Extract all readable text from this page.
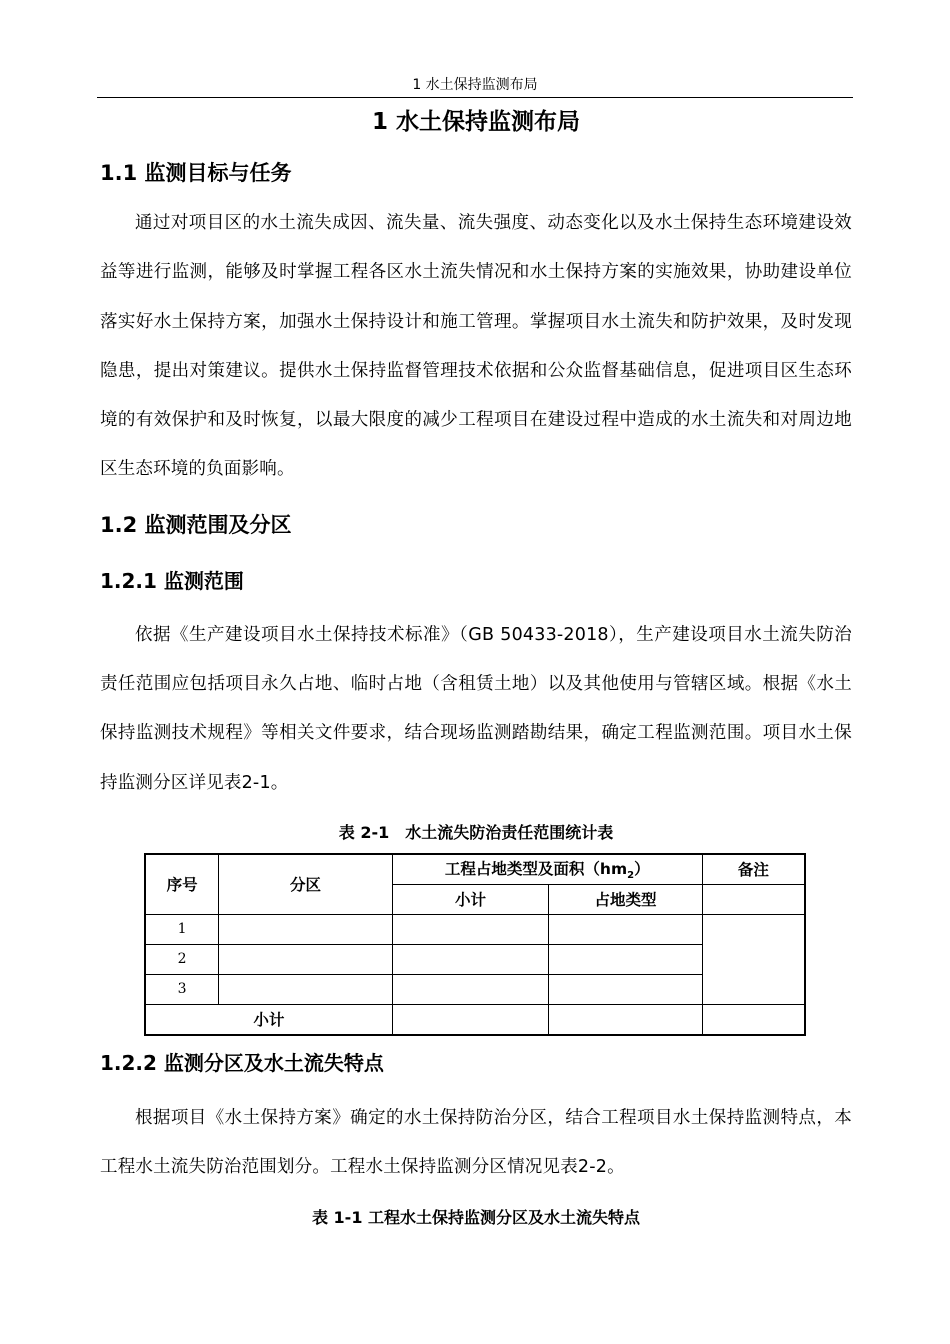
1 水土保持监测布局
1 水土保持监测布局
1.1 监测目标与任务

通过对项目区的水土流失成因、流失量、流失强度、动态变化以及水土保持生态环境建设效益等进行监测，能够及时掌握工程各区水土流失情况和水土保持方案的实施效果，协助建设单位落实好水土保持方案，加强水土保持设计和施工管理。掌握项目水土流失和防护效果，及时发现隐患，提出对策建议。提供水土保持监督管理技术依据和公众监督基础信息，促进项目区生态环境的有效保护和及时恢复，以最大限度的减少工程项目在建设过程中造成的水土流失和对周边地区生态环境的负面影响。

1.2 监测范围及分区
1.2.1 监测范围

依据《生产建设项目水土保持技术标准》（GB 50433-2018），生产建设项目水土流失防治责任范围应包括项目永久占地、临时占地（含租赁土地）以及其他使用与管辖区域。根据《水土保持监测技术规程》等相关文件要求，结合现场监测踏勘结果，确定工程监测范围。项目水土保持监测分区详见表2-1。

表 2-1 水土流失防治责任范围统计表
序号	分区	工程占地类型及面积$(hm_2)$		备注
		小计	占地类型	
1				
2				
3				
小计				
1.2.2 监测分区及水土流失特点

根据项目《水土保持方案》确定的水土保持防治分区，结合工程项目水土保持监测特点，本工程水土流失防治范围划分。工程水土保持监测分区情况见表2-2。

表 1-1 工程水土保持监测分区及水土流失特点
